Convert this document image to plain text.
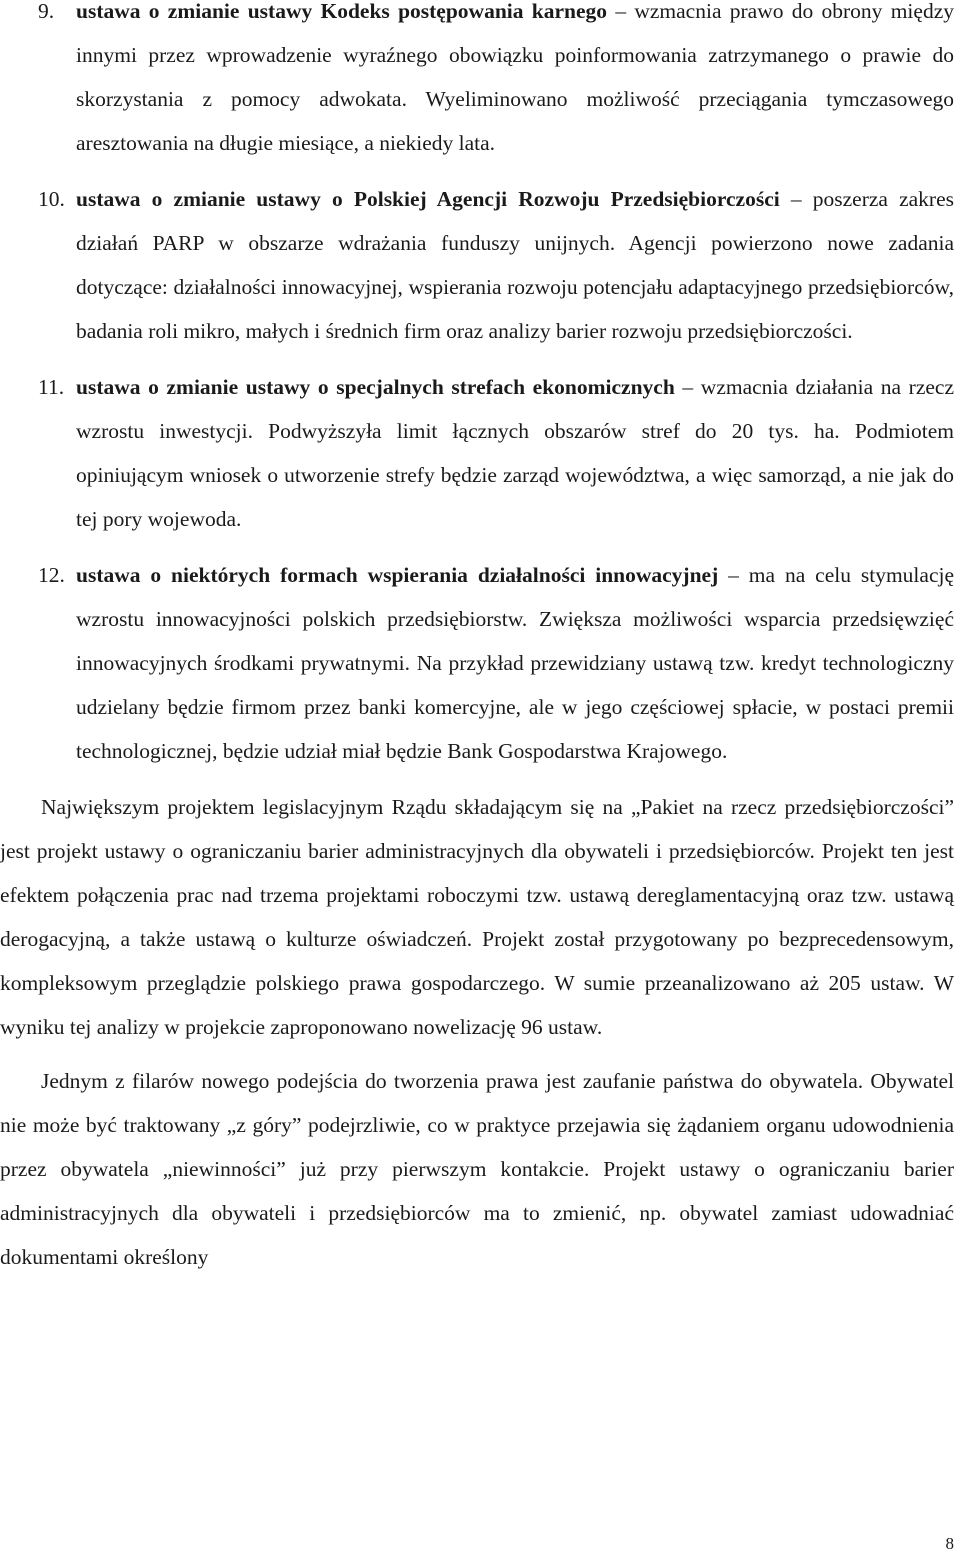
9. ustawa o zmianie ustawy Kodeks postępowania karnego – wzmacnia prawo do obrony między innymi przez wprowadzenie wyraźnego obowiązku poinformowania zatrzymanego o prawie do skorzystania z pomocy adwokata. Wyeliminowano możliwość przeciągania tymczasowego aresztowania na długie miesiące, a niekiedy lata.
10. ustawa o zmianie ustawy o Polskiej Agencji Rozwoju Przedsiębiorczości – poszerza zakres działań PARP w obszarze wdrażania funduszy unijnych. Agencji powierzono nowe zadania dotyczące: działalności innowacyjnej, wspierania rozwoju potencjału adaptacyjnego przedsiębiorców, badania roli mikro, małych i średnich firm oraz analizy barier rozwoju przedsiębiorczości.
11. ustawa o zmianie ustawy o specjalnych strefach ekonomicznych – wzmacnia działania na rzecz wzrostu inwestycji. Podwyższyła limit łącznych obszarów stref do 20 tys. ha. Podmiotem opiniującym wniosek o utworzenie strefy będzie zarząd województwa, a więc samorząd, a nie jak do tej pory wojewoda.
12. ustawa o niektórych formach wspierania działalności innowacyjnej – ma na celu stymulację wzrostu innowacyjności polskich przedsiębiorstw. Zwiększa możliwości wsparcia przedsięwzięć innowacyjnych środkami prywatnymi. Na przykład przewidziany ustawą tzw. kredyt technologiczny udzielany będzie firmom przez banki komercyjne, ale w jego częściowej spłacie, w postaci premii technologicznej, będzie udział miał będzie Bank Gospodarstwa Krajowego.

Największym projektem legislacyjnym Rządu składającym się na „Pakiet na rzecz przedsiębiorczości” jest projekt ustawy o ograniczaniu barier administracyjnych dla obywateli i przedsiębiorców. Projekt ten jest efektem połączenia prac nad trzema projektami roboczymi tzw. ustawą dereglamentacyjną oraz tzw. ustawą derogacyjną, a także ustawą o kulturze oświadczeń. Projekt został przygotowany po bezprecedensowym, kompleksowym przeglądzie polskiego prawa gospodarczego. W sumie przeanalizowano aż 205 ustaw. W wyniku tej analizy w projekcie zaproponowano nowelizację 96 ustaw.

Jednym z filarów nowego podejścia do tworzenia prawa jest zaufanie państwa do obywatela. Obywatel nie może być traktowany „z góry” podejrzliwie, co w praktyce przejawia się żądaniem organu udowodnienia przez obywatela „niewinności” już przy pierwszym kontakcie. Projekt ustawy o ograniczaniu barier administracyjnych dla obywateli i przedsiębiorców ma to zmienić, np. obywatel zamiast udowadniać dokumentami określony

8
